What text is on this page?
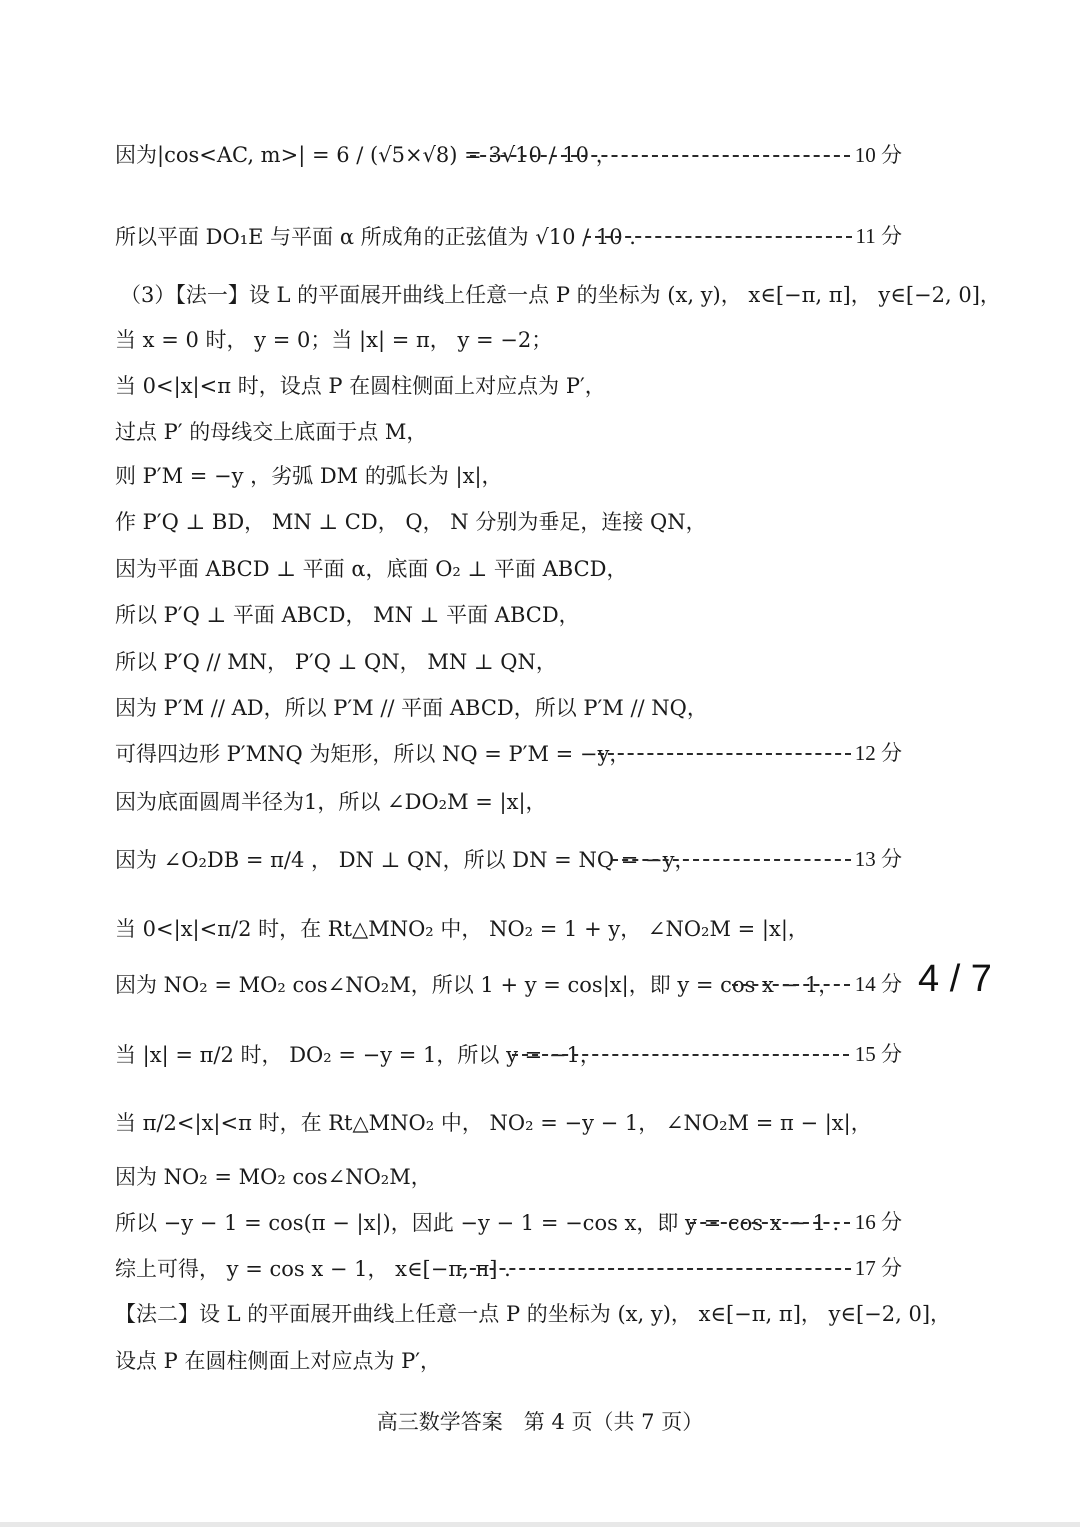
因为|cos<AC, m>| = 6 / (√5×√8) = 3√10 / 10 ，	10 分
所以平面 DO₁E 与平面 α 所成角的正弦值为 √10 / 10 .	11 分
（3）【法一】设 L 的平面展开曲线上任意一点 P 的坐标为 (x, y)， x∈[−π, π]， y∈[−2, 0]，
当 x = 0 时， y = 0；当 |x| = π， y = −2；
当 0<|x|<π 时，设点 P 在圆柱侧面上对应点为 P′，
过点 P′ 的母线交上底面于点 M，
则 P′M = −y ，劣弧 DM 的弧长为 |x|，
作 P′Q ⊥ BD， MN ⊥ CD， Q， N 分别为垂足，连接 QN，
因为平面 ABCD ⊥ 平面 α，底面 O₂ ⊥ 平面 ABCD，
所以 P′Q ⊥ 平面 ABCD， MN ⊥ 平面 ABCD，
所以 P′Q // MN， P′Q ⊥ QN， MN ⊥ QN，
因为 P′M // AD，所以 P′M // 平面 ABCD，所以 P′M // NQ，
可得四边形 P′MNQ 为矩形，所以 NQ = P′M = −y，	12 分
因为底面圆周半径为1，所以 ∠DO₂M = |x|，
因为 ∠O₂DB = π/4 ， DN ⊥ QN，所以 DN = NQ = −y，	13 分
当 0<|x|<π/2 时，在 Rt△MNO₂ 中， NO₂ = 1 + y， ∠NO₂M = |x|，
因为 NO₂ = MO₂ cos∠NO₂M，所以 1 + y = cos|x|，即 y = cos x − 1， 14 分
当 |x| = π/2 时， DO₂ = −y = 1，所以 y = −1，	15 分
当 π/2<|x|<π 时，在 Rt△MNO₂ 中， NO₂ = −y − 1， ∠NO₂M = π − |x|，
因为 NO₂ = MO₂ cos∠NO₂M，
所以 −y − 1 = cos(π − |x|)，因此 −y − 1 = −cos x，即 y = cos x − 1 . 16 分
综上可得， y = cos x − 1， x∈[−π, π] .	17 分
【法二】设 L 的平面展开曲线上任意一点 P 的坐标为 (x, y)， x∈[−π, π]， y∈[−2, 0]，
设点 P 在圆柱侧面上对应点为 P′，
4 / 7
高三数学答案　第 4 页（共 7 页）
